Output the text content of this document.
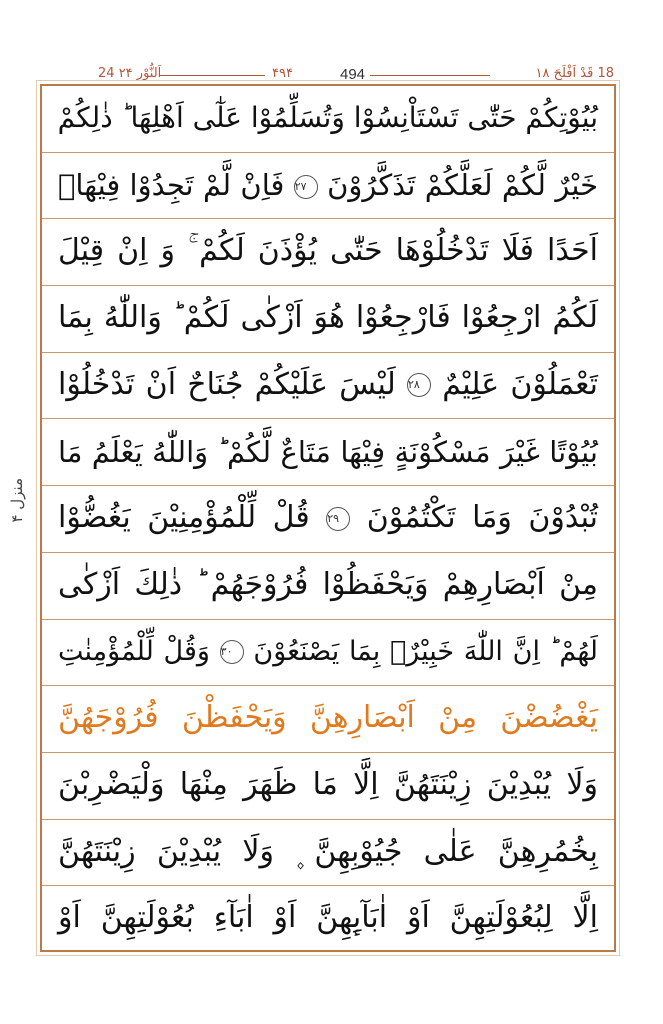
18 قَدْ اَفْلَحَ ۱۸
494
۴۹۴
24 اَلنُّوْر ۲۴
منزل ۴
بُیُوْتِكُمْ حَتّٰى تَسْتَاْنِسُوْا وَتُسَلِّمُوْا عَلٰٓى اَهْلِهَا ؕ ذٰلِكُمْ
خَیْرٌ لَّكُمْ لَعَلَّكُمْ تَذَكَّرُوْنَ ٢٧ فَاِنْ لَّمْ تَجِدُوْا فِیْهَاۤ
اَحَدًا فَلَا تَدْخُلُوْهَا حَتّٰى یُؤْذَنَ لَكُمْ ۚ وَ اِنْ قِیْلَ
لَكُمُ ارْجِعُوْا فَارْجِعُوْا هُوَ اَزْكٰى لَكُمْ ؕ وَاللّٰهُ بِمَا
تَعْمَلُوْنَ عَلِیْمٌ ٢٨ لَیْسَ عَلَیْكُمْ جُنَاحٌ اَنْ تَدْخُلُوْا
بُیُوْتًا غَیْرَ مَسْكُوْنَةٍ فِیْهَا مَتَاعٌ لَّكُمْ ؕ وَاللّٰهُ یَعْلَمُ مَا
تُبْدُوْنَ وَمَا تَكْتُمُوْنَ ٢٩ قُلْ لِّلْمُؤْمِنِیْنَ یَغُضُّوْا
مِنْ اَبْصَارِهِمْ وَیَحْفَظُوْا فُرُوْجَهُمْ ؕ ذٰلِكَ اَزْكٰى
لَهُمْ ؕ اِنَّ اللّٰهَ خَبِیْرٌۢ بِمَا یَصْنَعُوْنَ ٣٠ وَقُلْ لِّلْمُؤْمِنٰتِ
یَغْضُضْنَ مِنْ اَبْصَارِهِنَّ وَیَحْفَظْنَ فُرُوْجَهُنَّ
وَلَا یُبْدِیْنَ زِیْنَتَهُنَّ اِلَّا مَا ظَهَرَ مِنْهَا وَلْیَضْرِبْنَ
بِخُمُرِهِنَّ عَلٰى جُیُوْبِهِنَّ ۪ وَلَا یُبْدِیْنَ زِیْنَتَهُنَّ
اِلَّا لِبُعُوْلَتِهِنَّ اَوْ اٰبَآىِٕهِنَّ اَوْ اٰبَآءِ بُعُوْلَتِهِنَّ اَوْ
